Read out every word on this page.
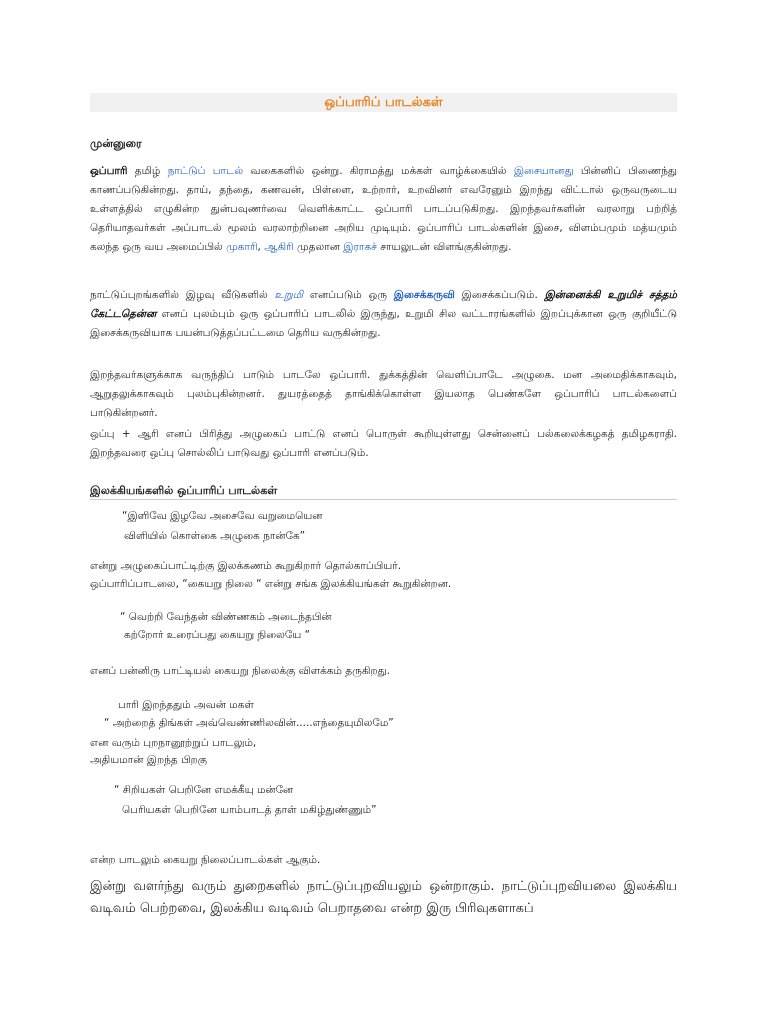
ஒப்பாரிப் பாடல்கள்
முன்னுரை
ஒப்பாரி தமிழ் நாட்டுப் பாடல் வகைகளில் ஒன்று. கிராமத்து மக்கள் வாழ்க்கையில் இசையானது பின்னிப் பிணைந்து காணப்படுகின்றது. தாய், தந்தை, கணவன், பிள்ளை, உற்றார், உறவினர் எவரேனும் இறந்து விட்டால் ஒருவருடைய உள்ளத்தில் எழுகின்ற துன்பவுணர்வை வெளிக்காட்ட ஒப்பாரி பாடப்படுகிறது. இறந்தவர்களின் வரலாறு பற்றித் தெரியாதவர்கள் அப்பாடல் மூலம் வரலாற்றினை அறிய முடியும். ஒப்பாரிப் பாடல்களின் இசை, விளம்பமும் மத்யமும் கலந்த ஒரு வய அமைப்பில் முகாரி, ஆகிரி முதலான இராகச் சாயலுடன் விளங்குகின்றது.
நாட்டுப்புறங்களில் இழவு வீடுகளில் உறுமி எனப்படும் ஒரு இசைக்கருவி இசைக்கப்படும். இன்னைக்கி உறுமிச் சத்தம் கேட்டதென்ன எனப் புலம்பும் ஒரு ஒப்பாரிப் பாடலில் இருந்து, உறுமி சில வட்டாரங்களில் இறப்புக்கான ஒரு குறியீட்டு இசைக்கருவியாக பயன்படுத்தப்பட்டமை தெரிய வருகின்றது.
இறந்தவர்களுக்காக வருந்திப் பாடும் பாடலே ஒப்பாரி. துக்கத்தின் வெளிப்பாடே அழுகை. மன அமைதிக்காகவும், ஆறுதலுக்காகவும் புலம்புகின்றனர். துயரத்தைத் தாங்கிக்கொள்ள இயலாத பெண்களே ஒப்பாரிப் பாடல்களைப் பாடுகின்றனர்.
ஒப்பு + ஆரி எனப் பிரித்து அழுகைப் பாட்டு எனப் பொருள் கூறியுள்ளது சென்னைப் பல்கலைக்கழகத் தமிழகராதி. இறந்தவரை ஒப்பு சொல்லிப் பாடுவது ஒப்பாரி எனப்படும்.
இலக்கியங்களில் ஒப்பாரிப் பாடல்கள்
“இளிவே இழவே அசைவே வறுமையென
விளியில் கொள்கை அழுகை நான்கே”
என்று அழுகைப்பாட்டிற்கு இலக்கணம் கூறுகிறார் தொல்காப்பியர்.
ஒப்பாரிப்பாடலை, “கையறு நிலை “ என்று சங்க இலக்கியங்கள் கூறுகின்றன.
“ வெற்றி வேந்தன் விண்ணகம் அடைந்தபின்
கற்றோர் உரைப்பது கையறு நிலையே “
எனப் பன்னிரு பாட்டியல் கையறு நிலைக்கு விளக்கம் தருகிறது.
பாரி இறந்ததும் அவன் மகள்
“ அற்றைத் திங்கள் அவ்வெண்ணிலவின்.....எந்தையுமிலமே”
என வரும் புறநானூற்றுப் பாடலும்,
அதியமான் இறந்த பிறகு
“ சிறியகள் பெறினே எமக்கீயு மன்னே
பெரியகள் பெறினே யாம்பாடத் தாள் மகிழ்துண்ணும்”
என்ற பாடலும் கையறு நிலைப்பாடல்கள் ஆகும்.
இன்று வளர்ந்து வரும் துறைகளில் நாட்டுப்புறவியலும் ஒன்றாகும். நாட்டுப்புறவியலை இலக்கிய வடிவம் பெற்றவை, இலக்கிய வடிவம் பெறாதவை என்ற இரு பிரிவுகளாகப்
